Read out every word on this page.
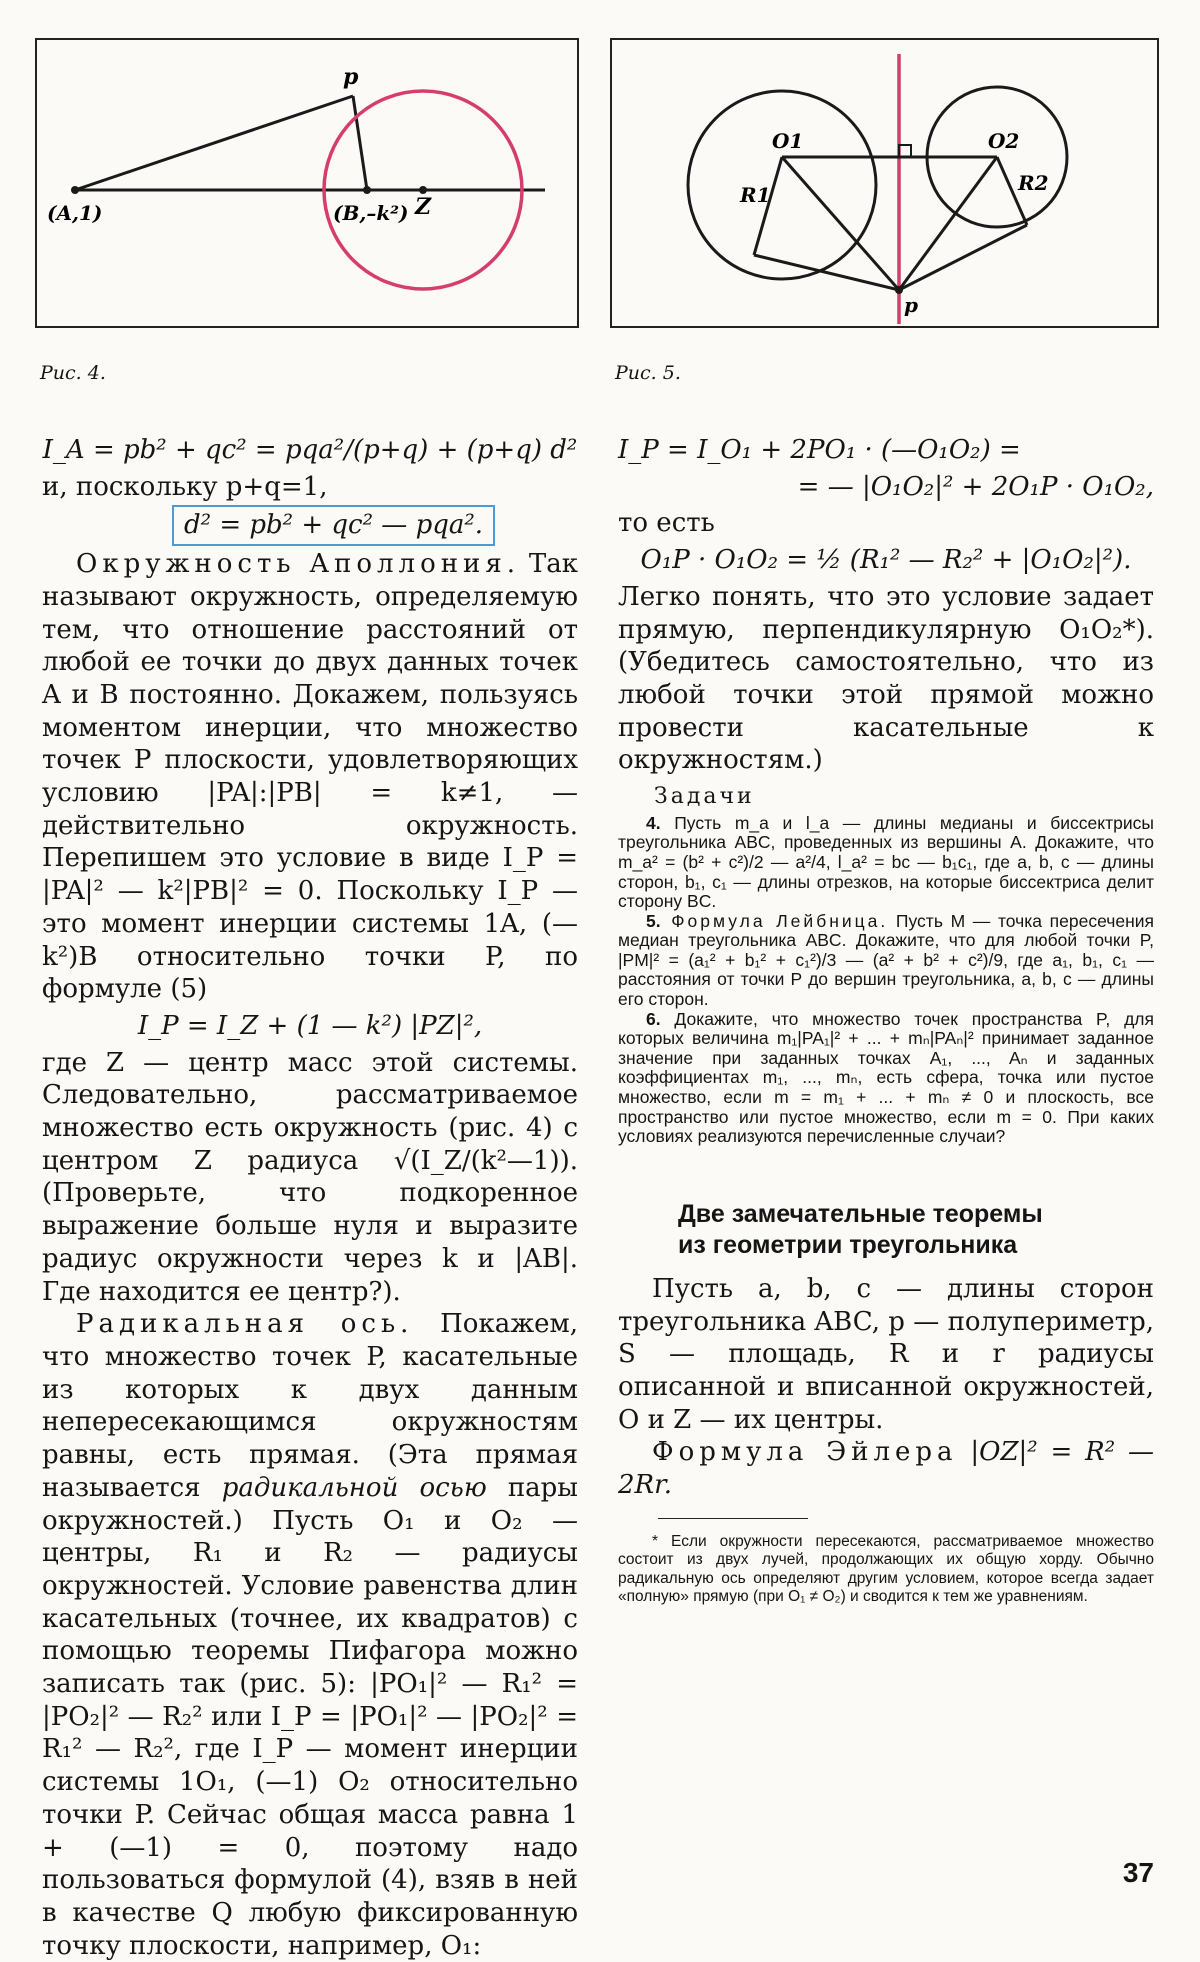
p
(A,1)	(B,–k²) Z
Рис. 4.
O1	O2
R1	R2
p
Рис. 5.

I_A = pb² + qc² = pqa²/(p+q) + (p+q) d²

и, поскольку p+q=1,

d² = pb² + qc² — pqa².

Окружность Аполлония. Так называют окружность, определяемую тем, что отношение расстояний от любой ее точки до двух данных точек A и B постоянно. Докажем, пользуясь моментом инерции, что множество точек P плоскости, удовлетворяющих условию |PA|:|PB| = k≠1, — действительно окружность. Перепишем это условие в виде I_P = |PA|² — k²|PB|² = 0. Поскольку I_P — это момент инерции системы 1A, (—k²)B относительно точки P, по формуле (5)

I_P = I_Z + (1 — k²) |PZ|²,

где Z — центр масс этой системы. Следовательно, рассматриваемое множество есть окружность (рис. 4) с центром Z радиуса √(I_Z/(k²—1)). (Проверьте, что подкоренное выражение больше нуля и выразите радиус окружности через k и |AB|. Где находится ее центр?).

Радикальная ось. Покажем, что множество точек P, касательные из которых к двух данным непересекающимся окружностям равны, есть прямая. (Эта прямая называется радикальной осью пары окружностей.) Пусть O₁ и O₂ — центры, R₁ и R₂ — радиусы окружностей. Условие равенства длин касательных (точнее, их квадратов) с помощью теоремы Пифагора можно записать так (рис. 5): |PO₁|² — R₁² = |PO₂|² — R₂² или I_P = |PO₁|² — |PO₂|² = R₁² — R₂², где I_P — момент инерции системы 1O₁, (—1) O₂ относительно точки P. Сейчас общая масса равна 1 + (—1) = 0, поэтому надо пользоваться формулой (4), взяв в ней в качестве Q любую фиксированную точку плоскости, например, O₁:

I_P = I_O₁ + 2PO₁ · (—O₁O₂) =

= — |O₁O₂|² + 2O₁P · O₁O₂,

то есть

O₁P · O₁O₂ = ½ (R₁² — R₂² + |O₁O₂|²).

Легко понять, что это условие задает прямую, перпендикулярную O₁O₂*). (Убедитесь самостоятельно, что из любой точки этой прямой можно провести касательные к окружностям.)

Задачи

4. Пусть m_a и l_a — длины медианы и биссектрисы треугольника ABC, проведенных из вершины A. Докажите, что m_a² = (b² + c²)/2 — a²/4, l_a² = bc — b₁c₁, где a, b, c — длины сторон, b₁, c₁ — длины отрезков, на которые биссектриса делит сторону BC.

5. Формула Лейбница. Пусть M — точка пересечения медиан треугольника ABC. Докажите, что для любой точки P, |PM|² = (a₁² + b₁² + c₁²)/3 — (a² + b² + c²)/9, где a₁, b₁, c₁ — расстояния от точки P до вершин треугольника, a, b, c — длины его сторон.

6. Докажите, что множество точек пространства P, для которых величина m₁|PA₁|² + ... + mₙ|PAₙ|² принимает заданное значение при заданных точках A₁, ..., Aₙ и заданных коэффициентах m₁, ..., mₙ, есть сфера, точка или пустое множество, если m = m₁ + ... + mₙ ≠ 0 и плоскость, все пространство или пустое множество, если m = 0. При каких условиях реализуются перечисленные случаи?

Две замечательные теоремы
из геометрии треугольника

Пусть a, b, c — длины сторон треугольника ABC, p — полупериметр, S — площадь, R и r радиусы описанной и вписанной окружностей, O и Z — их центры.

Формула Эйлера |OZ|² = R² — 2Rr.

* Если окружности пересекаются, рассматриваемое множество состоит из двух лучей, продолжающих их общую хорду. Обычно радикальную ось определяют другим условием, которое всегда задает «полную» прямую (при O₁ ≠ O₂) и сводится к тем же уравнениям.

37
